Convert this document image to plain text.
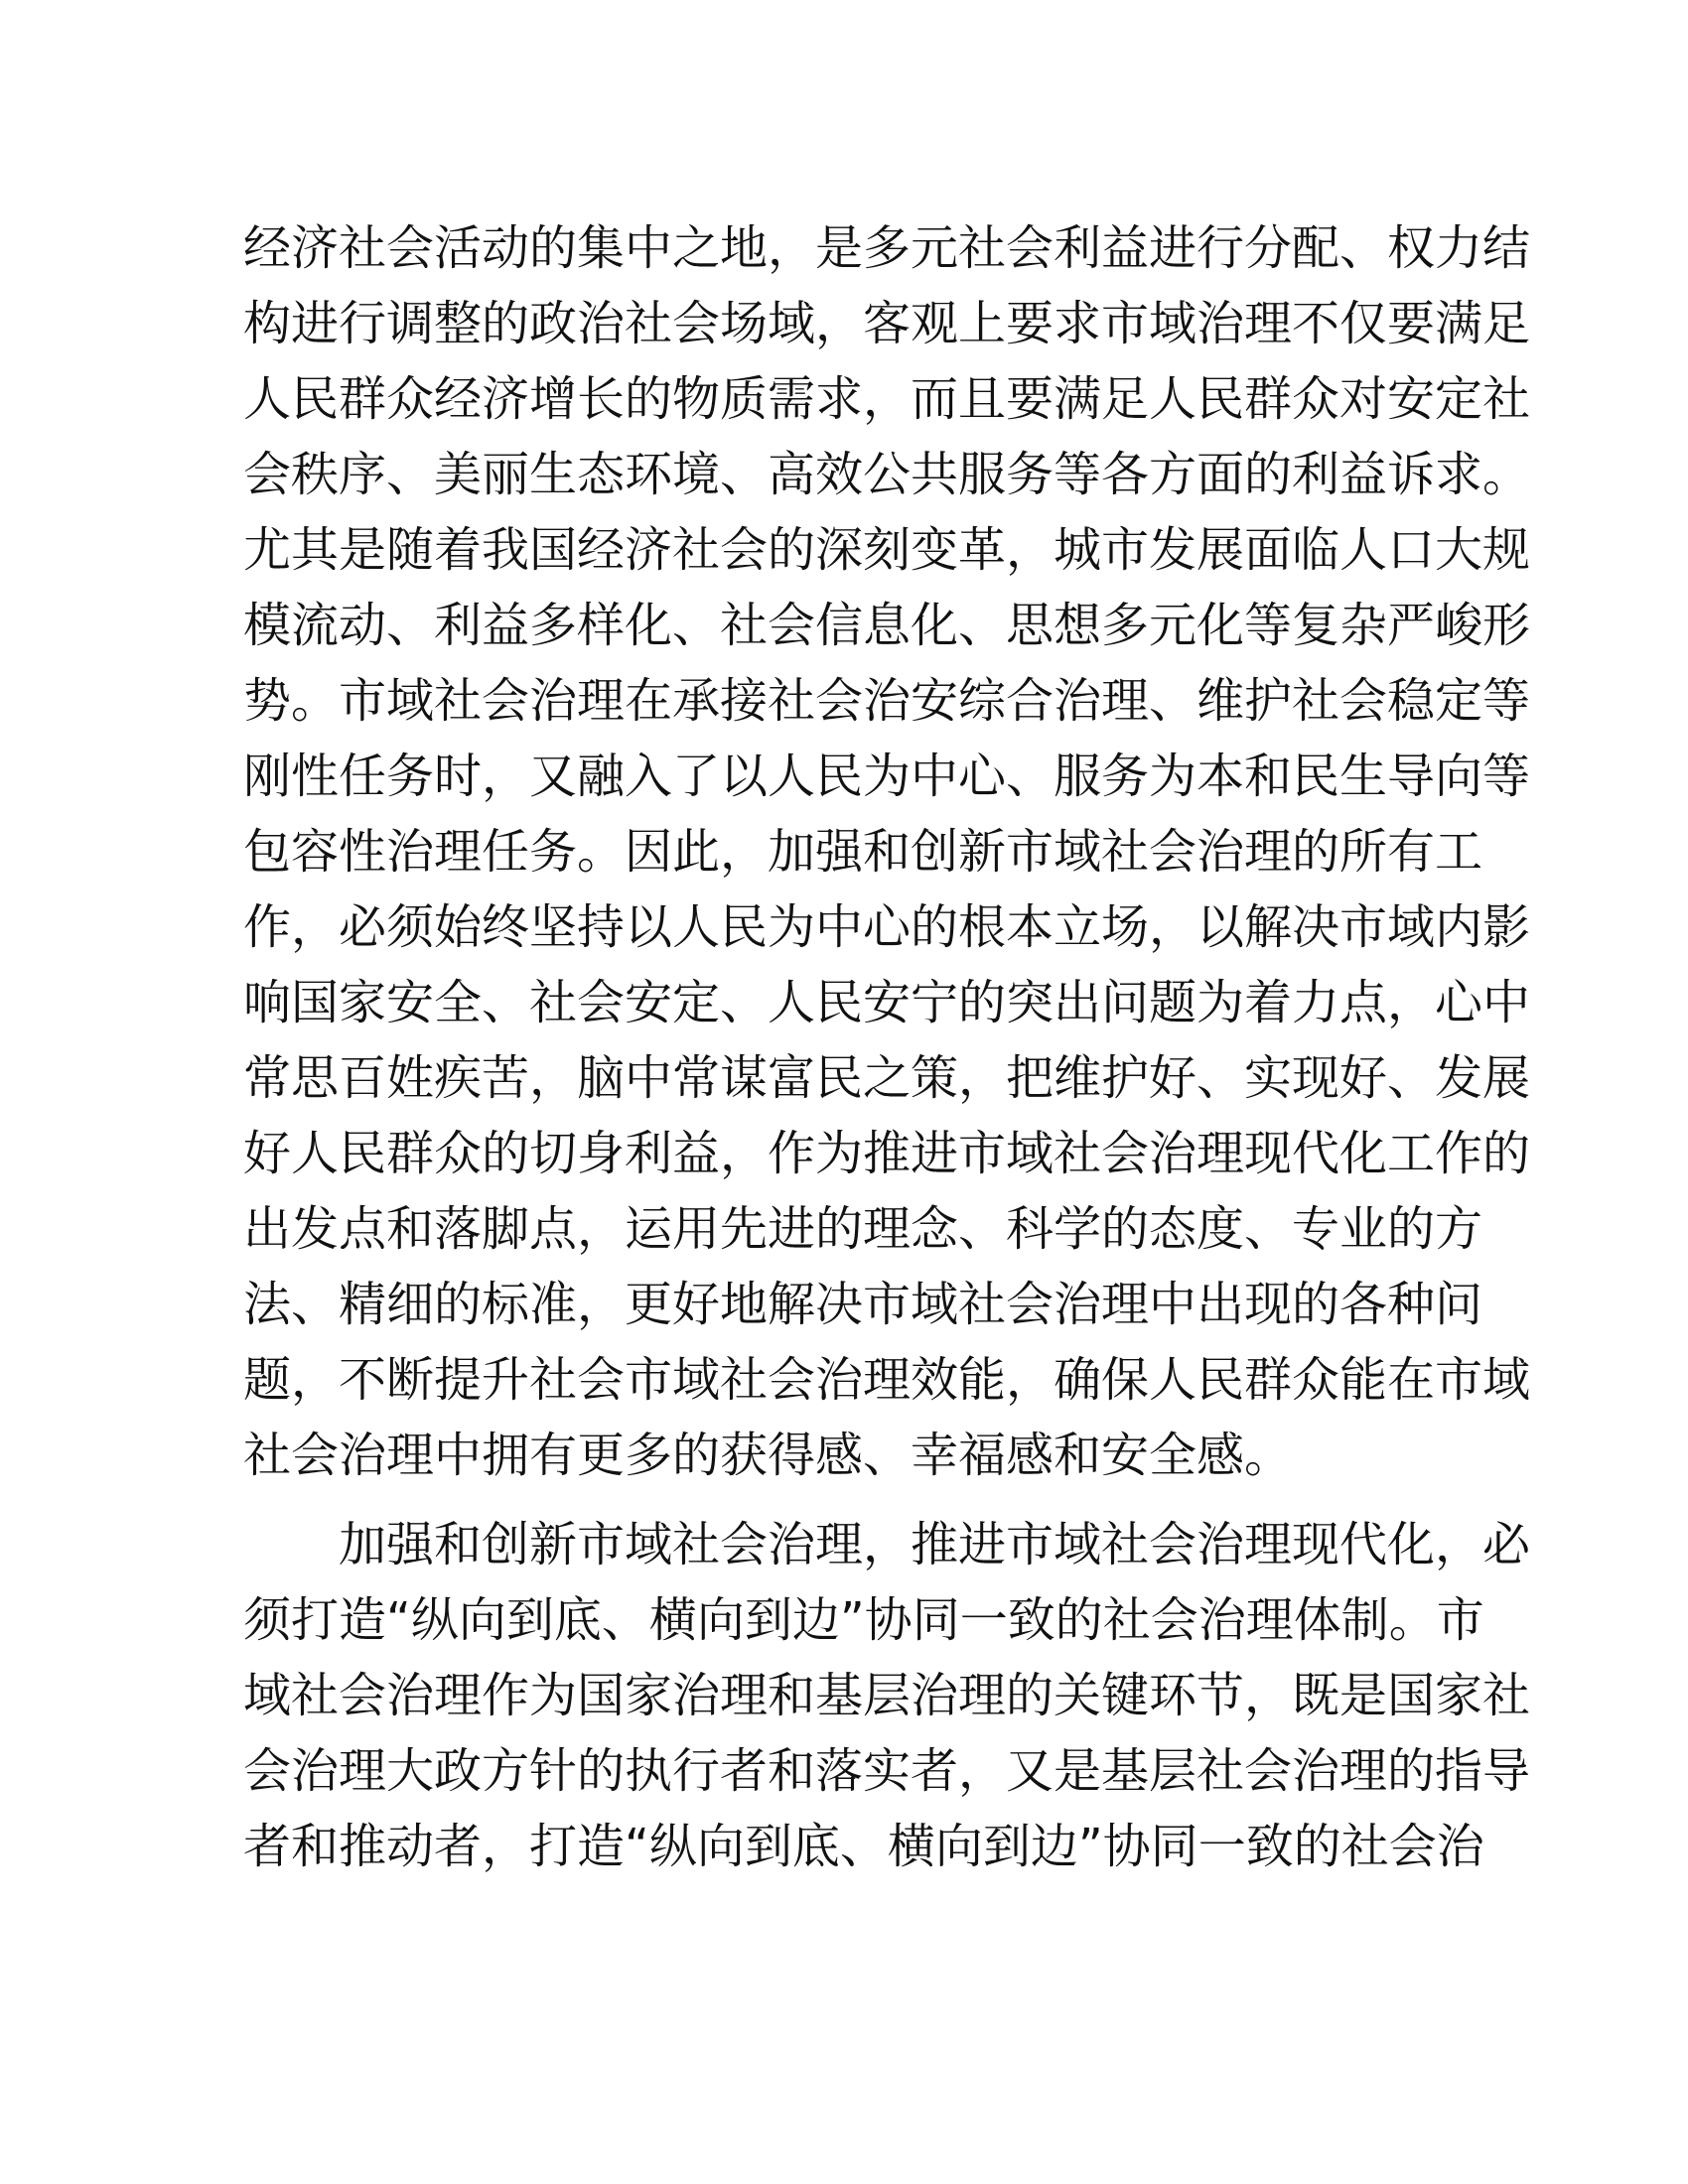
经济社会活动的集中之地，是多元社会利益进行分配、权力结
构进行调整的政治社会场域，客观上要求市域治理不仅要满足
人民群众经济增长的物质需求，而且要满足人民群众对安定社
会秩序、美丽生态环境、高效公共服务等各方面的利益诉求。
尤其是随着我国经济社会的深刻变革，城市发展面临人口大规
模流动、利益多样化、社会信息化、思想多元化等复杂严峻形
势。市域社会治理在承接社会治安综合治理、维护社会稳定等
刚性任务时，又融入了以人民为中心、服务为本和民生导向等
包容性治理任务。因此，加强和创新市域社会治理的所有工
作，必须始终坚持以人民为中心的根本立场，以解决市域内影
响国家安全、社会安定、人民安宁的突出问题为着力点，心中
常思百姓疾苦，脑中常谋富民之策，把维护好、实现好、发展
好人民群众的切身利益，作为推进市域社会治理现代化工作的
出发点和落脚点，运用先进的理念、科学的态度、专业的方
法、精细的标准，更好地解决市域社会治理中出现的各种问
题，不断提升社会市域社会治理效能，确保人民群众能在市域
社会治理中拥有更多的获得感、幸福感和安全感。
加强和创新市域社会治理，推进市域社会治理现代化，必
须打造“纵向到底、横向到边”协同一致的社会治理体制。市
域社会治理作为国家治理和基层治理的关键环节，既是国家社
会治理大政方针的执行者和落实者，又是基层社会治理的指导
者和推动者，打造“纵向到底、横向到边”协同一致的社会治
